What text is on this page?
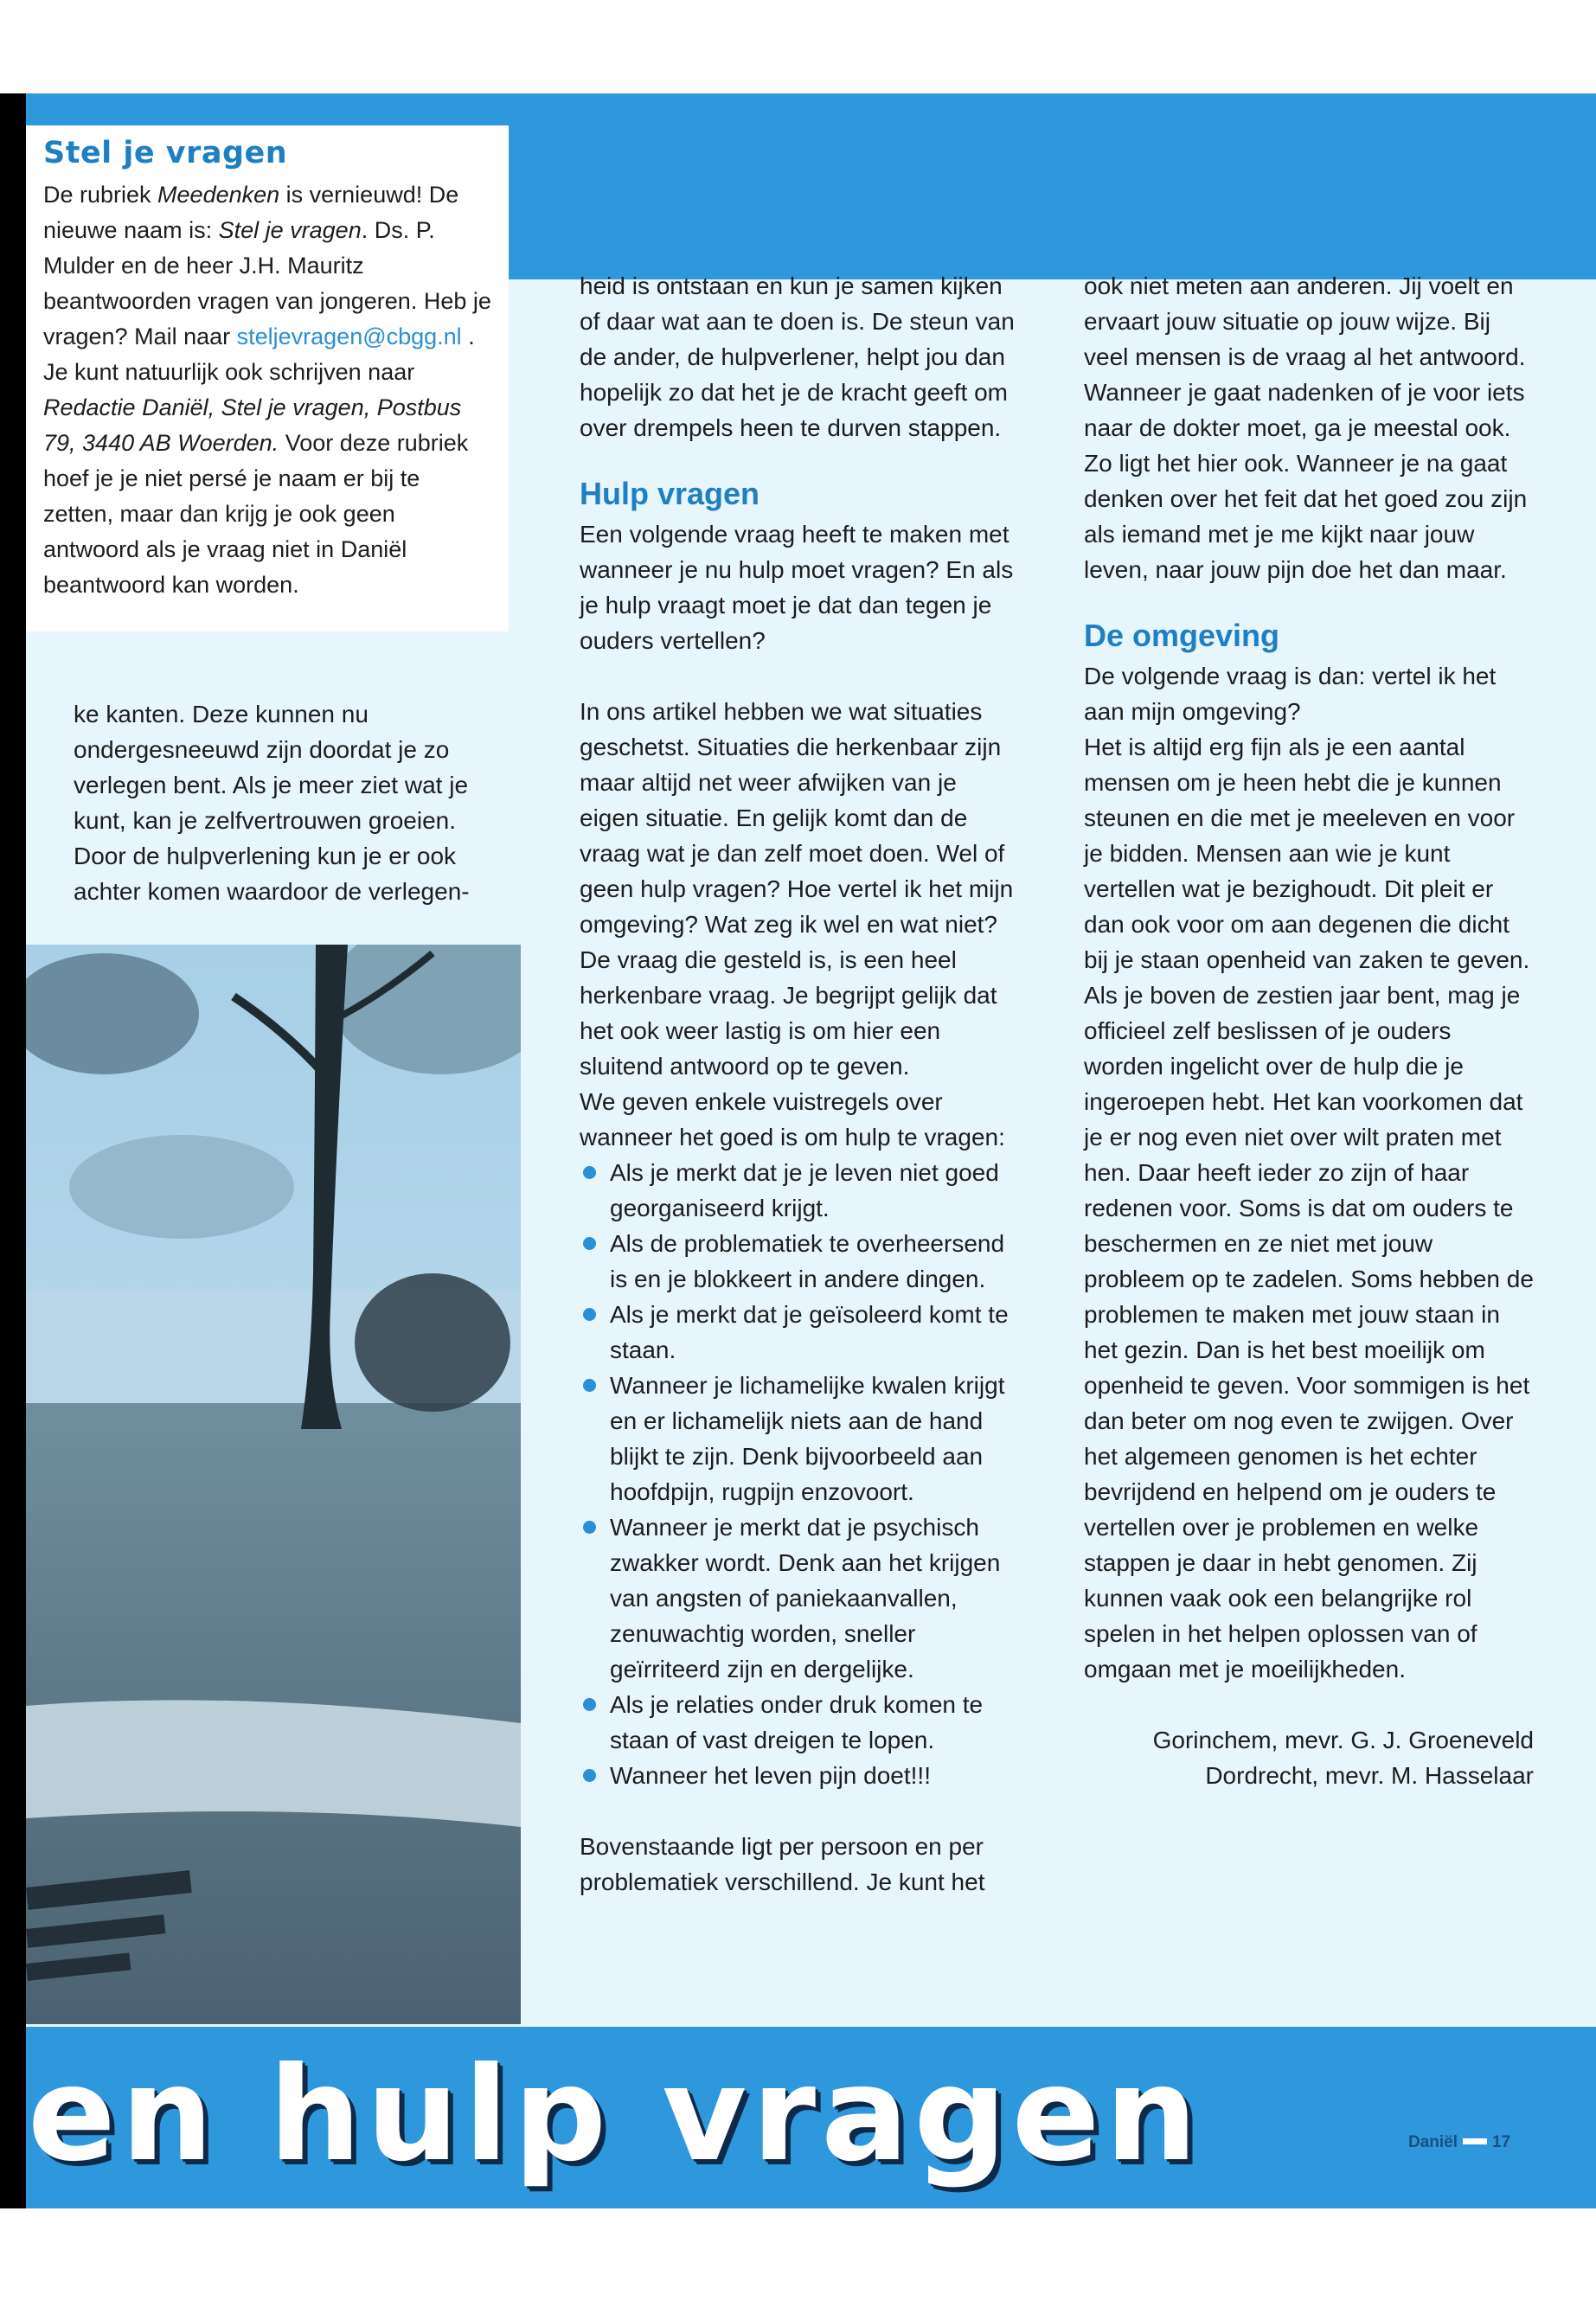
Stel je vragen

De rubriek Meedenken is vernieuwd! De nieuwe naam is: Stel je vragen. Ds. P. Mulder en de heer J.H. Mauritz beantwoorden vragen van jongeren. Heb je vragen? Mail naar steljevragen@cbgg.nl . Je kunt natuurlijk ook schrijven naar Redactie Daniël, Stel je vragen, Postbus 79, 3440 AB Woerden. Voor deze rubriek hoef je je niet persé je naam er bij te zetten, maar dan krijg je ook geen antwoord als je vraag niet in Daniël beantwoord kan worden.

ke kanten. Deze kunnen nu ondergesneeuwd zijn doordat je zo verlegen bent. Als je meer ziet wat je kunt, kan je zelfvertrouwen groeien.

Door de hulpverlening kun je er ook achter komen waardoor de verlegen-

heid is ontstaan en kun je samen kijken of daar wat aan te doen is. De steun van de ander, de hulpverlener, helpt jou dan hopelijk zo dat het je de kracht geeft om over drempels heen te durven stappen.

Hulp vragen

Een volgende vraag heeft te maken met wanneer je nu hulp moet vragen? En als je hulp vraagt moet je dat dan tegen je ouders vertellen?

In ons artikel hebben we wat situaties geschetst. Situaties die herkenbaar zijn maar altijd net weer afwijken van je eigen situatie. En gelijk komt dan de vraag wat je dan zelf moet doen. Wel of geen hulp vragen? Hoe vertel ik het mijn omgeving? Wat zeg ik wel en wat niet? De vraag die gesteld is, is een heel herkenbare vraag. Je begrijpt gelijk dat het ook weer lastig is om hier een sluitend antwoord op te geven.

We geven enkele vuistregels over wanneer het goed is om hulp te vragen:

Als je merkt dat je je leven niet goed georganiseerd krijgt.
Als de problematiek te overheersend is en je blokkeert in andere dingen.
Als je merkt dat je geïsoleerd komt te staan.
Wanneer je lichamelijke kwalen krijgt en er lichamelijk niets aan de hand blijkt te zijn. Denk bijvoorbeeld aan hoofdpijn, rugpijn enzovoort.
Wanneer je merkt dat je psychisch zwakker wordt. Denk aan het krijgen van angsten of paniekaanvallen, zenuwachtig worden, sneller geïrriteerd zijn en dergelijke.
Als je relaties onder druk komen te staan of vast dreigen te lopen.
Wanneer het leven pijn doet!!!

Bovenstaande ligt per persoon en per problematiek verschillend. Je kunt het

ook niet meten aan anderen. Jij voelt en ervaart jouw situatie op jouw wijze. Bij veel mensen is de vraag al het antwoord. Wanneer je gaat nadenken of je voor iets naar de dokter moet, ga je meestal ook. Zo ligt het hier ook. Wanneer je na gaat denken over het feit dat het goed zou zijn als iemand met je me kijkt naar jouw leven, naar jouw pijn doe het dan maar.

De omgeving

De volgende vraag is dan: vertel ik het aan mijn omgeving?

Het is altijd erg fijn als je een aantal mensen om je heen hebt die je kunnen steunen en die met je meeleven en voor je bidden. Mensen aan wie je kunt vertellen wat je bezighoudt. Dit pleit er dan ook voor om aan degenen die dicht bij je staan openheid van zaken te geven.

Als je boven de zestien jaar bent, mag je officieel zelf beslissen of je ouders worden ingelicht over de hulp die je ingeroepen hebt. Het kan voorkomen dat je er nog even niet over wilt praten met hen. Daar heeft ieder zo zijn of haar redenen voor. Soms is dat om ouders te beschermen en ze niet met jouw probleem op te zadelen. Soms hebben de problemen te maken met jouw staan in het gezin. Dan is het best moeilijk om openheid te geven. Voor sommigen is het dan beter om nog even te zwijgen. Over het algemeen genomen is het echter bevrijdend en helpend om je ouders te vertellen over je problemen en welke stappen je daar in hebt genomen. Zij kunnen vaak ook een belangrijke rol spelen in het helpen oplossen van of omgaan met je moeilijkheden.

Gorinchem, mevr. G. J. Groeneveld

Dordrecht, mevr. M. Hasselaar

en hulp vragen	Daniël 17
